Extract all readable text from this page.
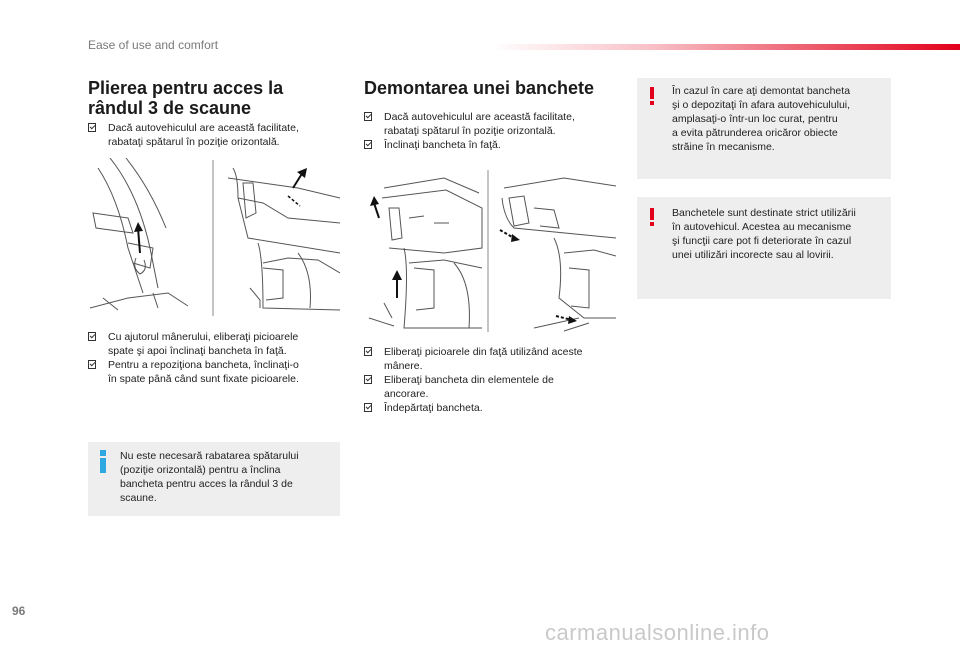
Ease of use and comfort
Plierea pentru acces la
rândul 3 de scaune
Dacă autovehiculul are această facilitate,
rabataţi spătarul în poziţie orizontală.
Cu ajutorul mânerului, eliberaţi picioarele
spate şi apoi înclinaţi bancheta în faţă.
Pentru a repoziţiona bancheta, înclinaţi-o
în spate până când sunt fixate picioarele.
Nu este necesară rabatarea spătarului
(poziţie orizontală) pentru a înclina
bancheta pentru acces la rândul 3 de
scaune.
Demontarea unei banchete
Dacă autovehiculul are această facilitate,
rabataţi spătarul în poziţie orizontală.
Înclinaţi bancheta în faţă.
Eliberaţi picioarele din faţă utilizând aceste
mânere.
Eliberaţi bancheta din elementele de
ancorare.
Îndepărtaţi bancheta.
În cazul în care aţi demontat bancheta
şi o depozitaţi în afara autovehiculului,
amplasaţi-o într-un loc curat, pentru
a evita pătrunderea oricăror obiecte
străine în mecanisme.
Banchetele sunt destinate strict utilizării
în autovehicul. Acestea au mecanisme
şi funcţii care pot fi deteriorate în cazul
unei utilizări incorecte sau al lovirii.
96
carmanualsonline.info
